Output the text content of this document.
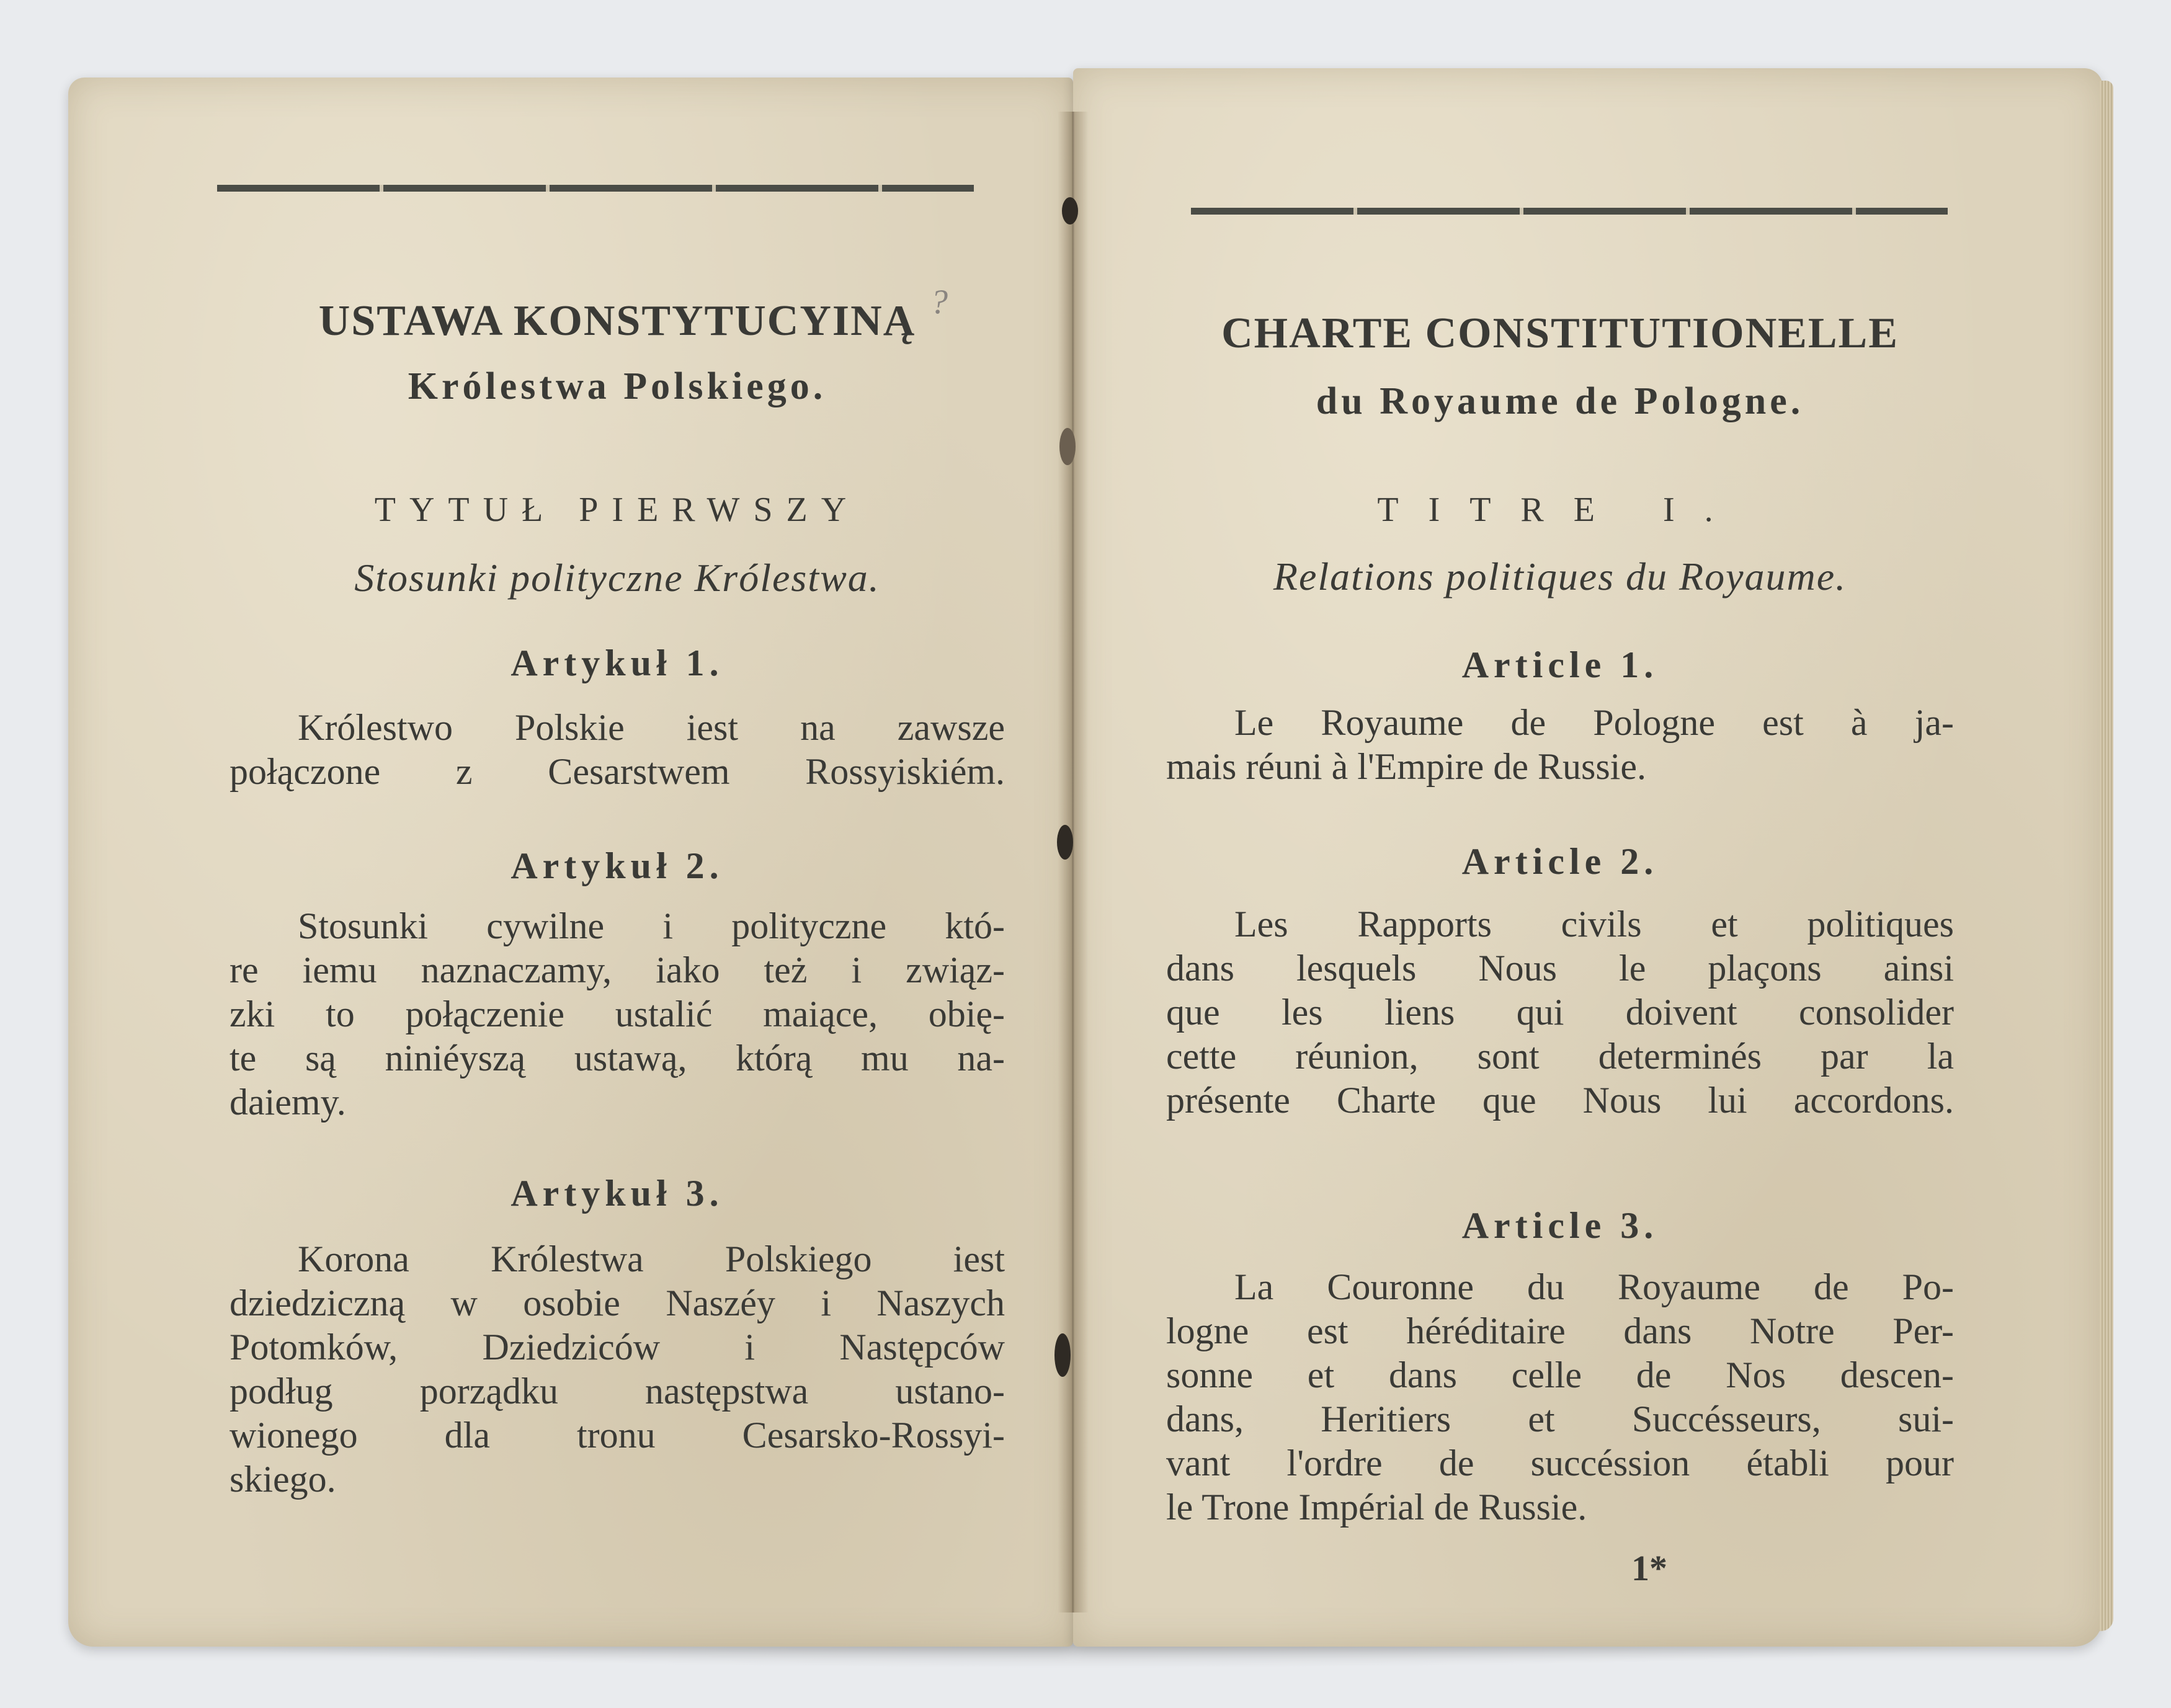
USTAWA KONSTYTUCYINĄ
Królestwa Polskiego.
TYTUŁ PIERWSZY
Stosunki polityczne Królestwa.
Artykuł 1.
Królestwo Polskie iest na zawsze
połączone z Cesarstwem Rossyiskiém.
Artykuł 2.
Stosunki cywilne i polityczne któ-
re iemu naznaczamy, iako też i związ-
zki to połączenie ustalić maiące, obię-
te są niniéyszą ustawą, którą mu na-
daiemy.
Artykuł 3.
Korona Królestwa Polskiego iest
dziedziczną w osobie Naszéy i Naszych
Potomków, Dziedziców i Następców
podług porządku następstwa ustano-
wionego dla tronu Cesarsko-Rossyi-
skiego.
?
CHARTE CONSTITUTIONELLE
du Royaume de Pologne.
TITRE I.
Relations politiques du Royaume.
Article 1.
Le Royaume de Pologne est à ja-
mais réuni à l'Empire de Russie.
Article 2.
Les Rapports civils et politiques
dans lesquels Nous le plaçons ainsi
que les liens qui doivent consolider
cette réunion, sont determinés par la
présente Charte que Nous lui accordons.
Article 3.
La Couronne du Royaume de Po-
logne est héréditaire dans Notre Per-
sonne et dans celle de Nos descen-
dans, Heritiers et Succésseurs, sui-
vant l'ordre de succéssion établi pour
le Trone Impérial de Russie.
1*
